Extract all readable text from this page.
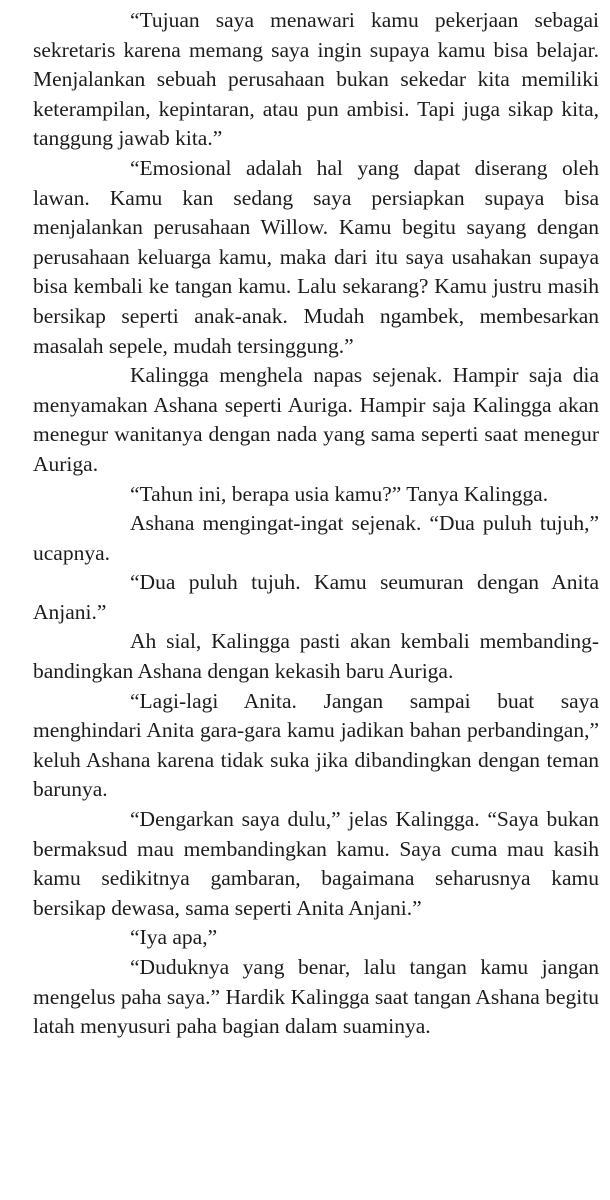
“Tujuan saya menawari kamu pekerjaan sebagai sekretaris karena memang saya ingin supaya kamu bisa belajar. Menjalankan sebuah perusahaan bukan sekedar kita memiliki keterampilan, kepintaran, atau pun ambisi. Tapi juga sikap kita, tanggung jawab kita.”

“Emosional adalah hal yang dapat diserang oleh lawan. Kamu kan sedang saya persiapkan supaya bisa menjalankan perusahaan Willow. Kamu begitu sayang dengan perusahaan keluarga kamu, maka dari itu saya usahakan supaya bisa kembali ke tangan kamu. Lalu sekarang? Kamu justru masih bersikap seperti anak-anak. Mudah ngambek, membesarkan masalah sepele, mudah tersinggung.”

Kalingga menghela napas sejenak. Hampir saja dia menyamakan Ashana seperti Auriga. Hampir saja Kalingga akan menegur wanitanya dengan nada yang sama seperti saat menegur Auriga.

“Tahun ini, berapa usia kamu?” Tanya Kalingga.

Ashana mengingat-ingat sejenak. “Dua puluh tujuh,” ucapnya.

“Dua puluh tujuh. Kamu seumuran dengan Anita Anjani.”

Ah sial, Kalingga pasti akan kembali membanding-bandingkan Ashana dengan kekasih baru Auriga.

“Lagi-lagi Anita. Jangan sampai buat saya menghindari Anita gara-gara kamu jadikan bahan perbandingan,” keluh Ashana karena tidak suka jika dibandingkan dengan teman barunya.

“Dengarkan saya dulu,” jelas Kalingga. “Saya bukan bermaksud mau membandingkan kamu. Saya cuma mau kasih kamu sedikitnya gambaran, bagaimana seharusnya kamu bersikap dewasa, sama seperti Anita Anjani.”

“Iya apa,”

“Duduknya yang benar, lalu tangan kamu jangan mengelus paha saya.” Hardik Kalingga saat tangan Ashana begitu latah menyusuri paha bagian dalam suaminya.
